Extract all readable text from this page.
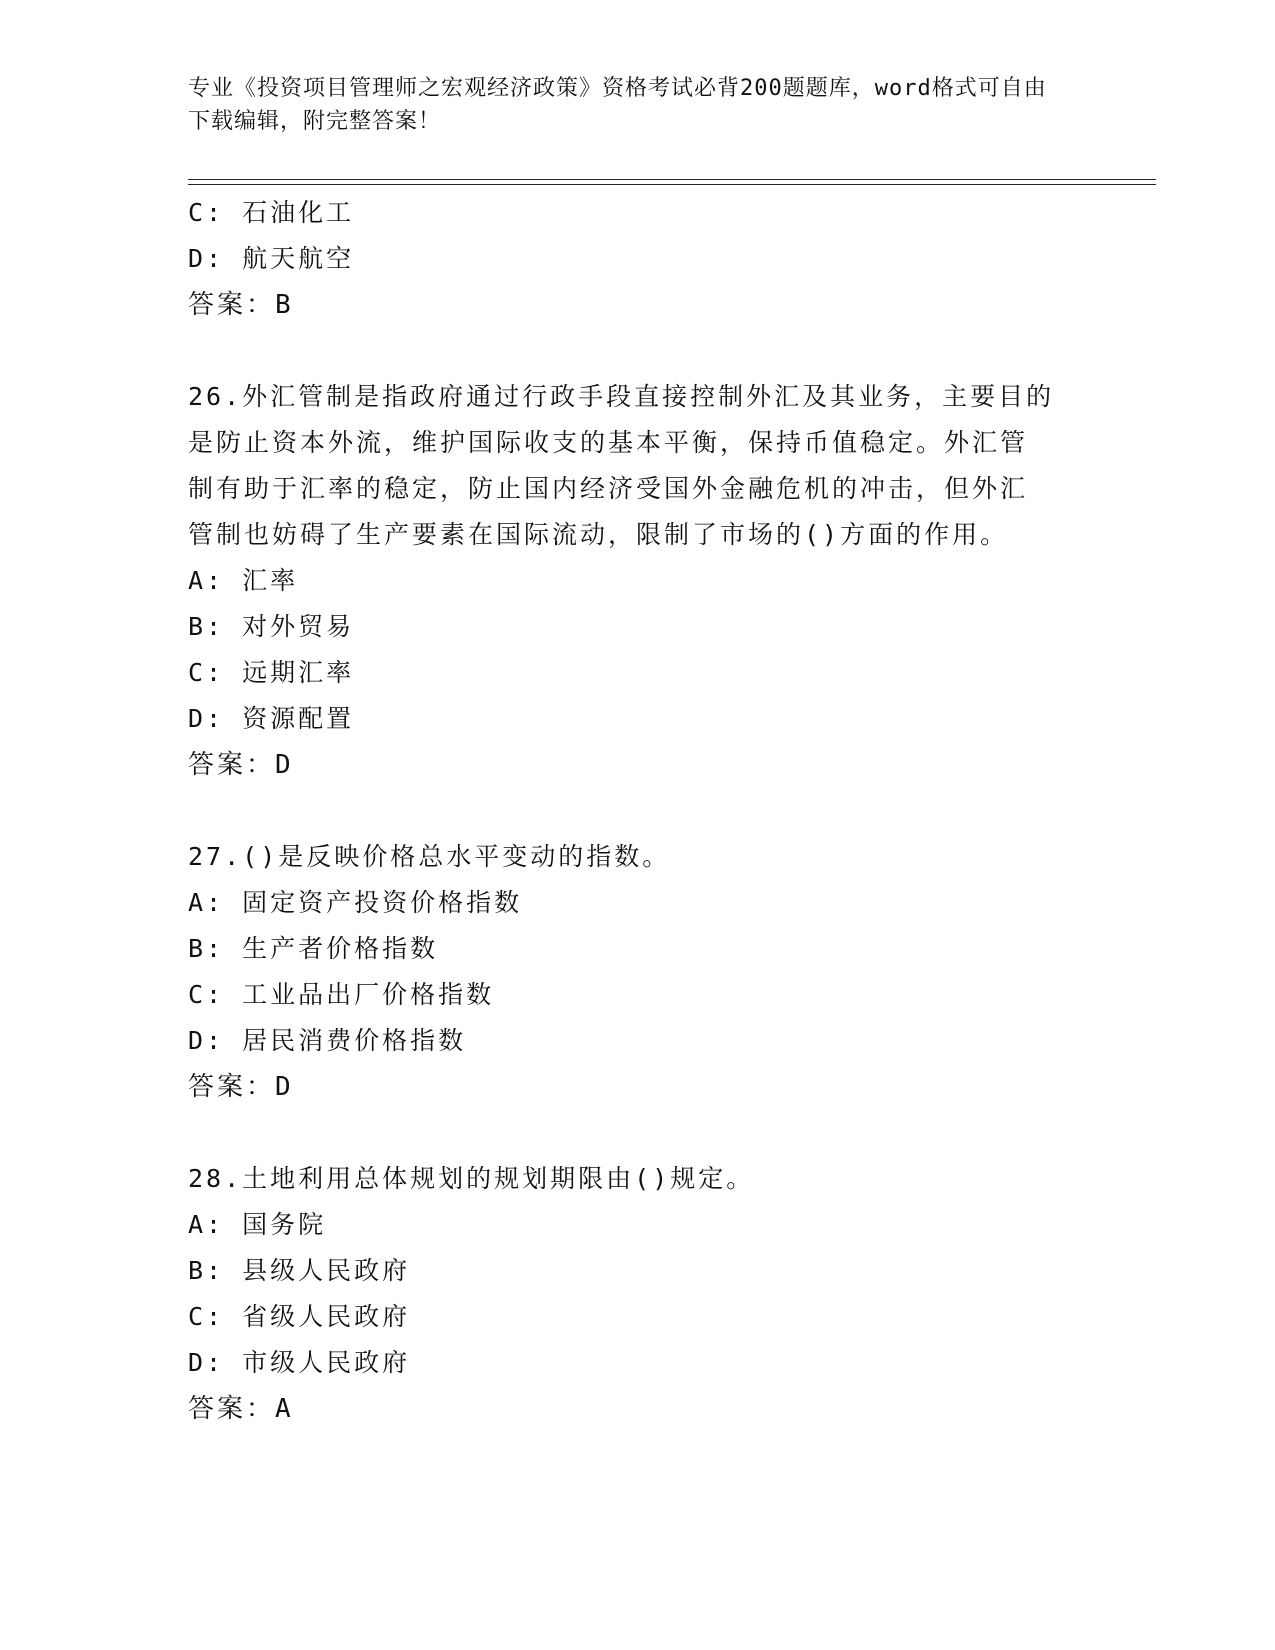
专业《投资项目管理师之宏观经济政策》资格考试必背200题题库，word格式可自由下载编辑，附完整答案！
C: 石油化工
D: 航天航空
答案：B
26.外汇管制是指政府通过行政手段直接控制外汇及其业务，主要目的
是防止资本外流，维护国际收支的基本平衡，保持币值稳定。外汇管
制有助于汇率的稳定，防止国内经济受国外金融危机的冲击，但外汇
管制也妨碍了生产要素在国际流动，限制了市场的()方面的作用。
A: 汇率
B: 对外贸易
C: 远期汇率
D: 资源配置
答案：D
27.()是反映价格总水平变动的指数。
A: 固定资产投资价格指数
B: 生产者价格指数
C: 工业品出厂价格指数
D: 居民消费价格指数
答案：D
28.土地利用总体规划的规划期限由()规定。
A: 国务院
B: 县级人民政府
C: 省级人民政府
D: 市级人民政府
答案：A
